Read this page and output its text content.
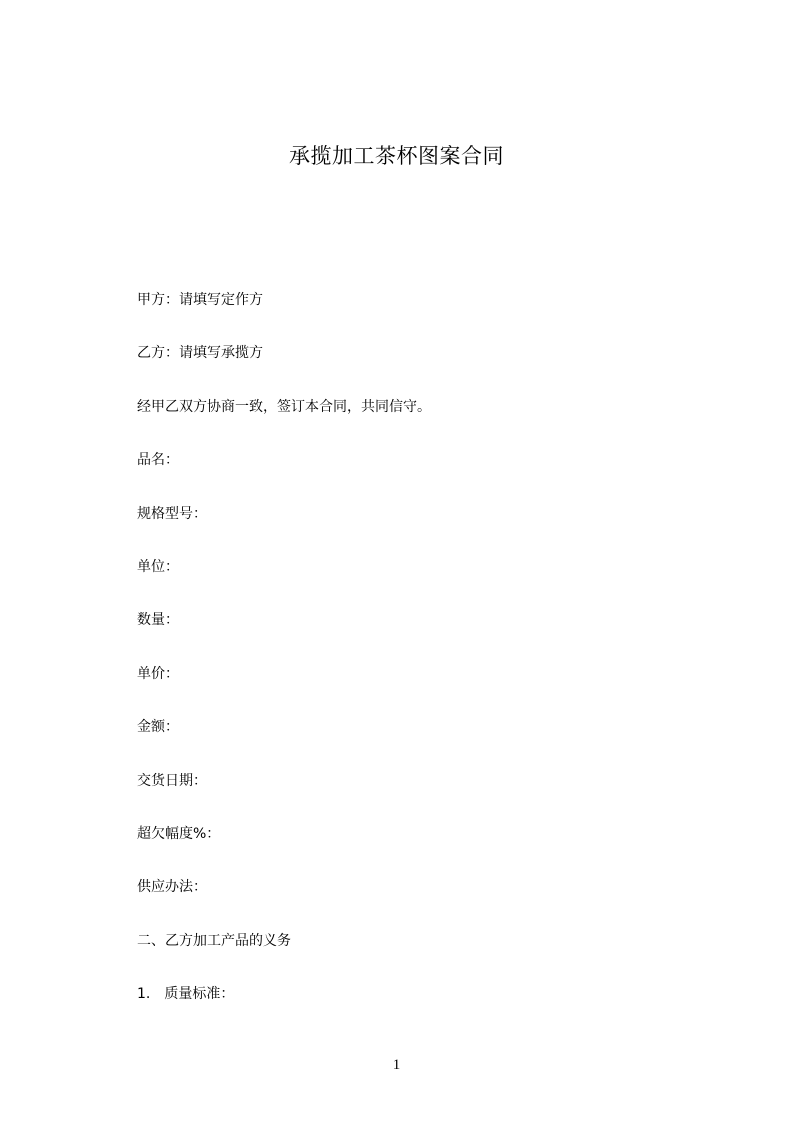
承揽加工茶杯图案合同
甲方：请填写定作方
乙方：请填写承揽方
经甲乙双方协商一致，签订本合同，共同信守。
品名：
规格型号：
单位：
数量：
单价：
金额：
交货日期：
超欠幅度%：
供应办法：
二、乙方加工产品的义务
1.　质量标准：
1
